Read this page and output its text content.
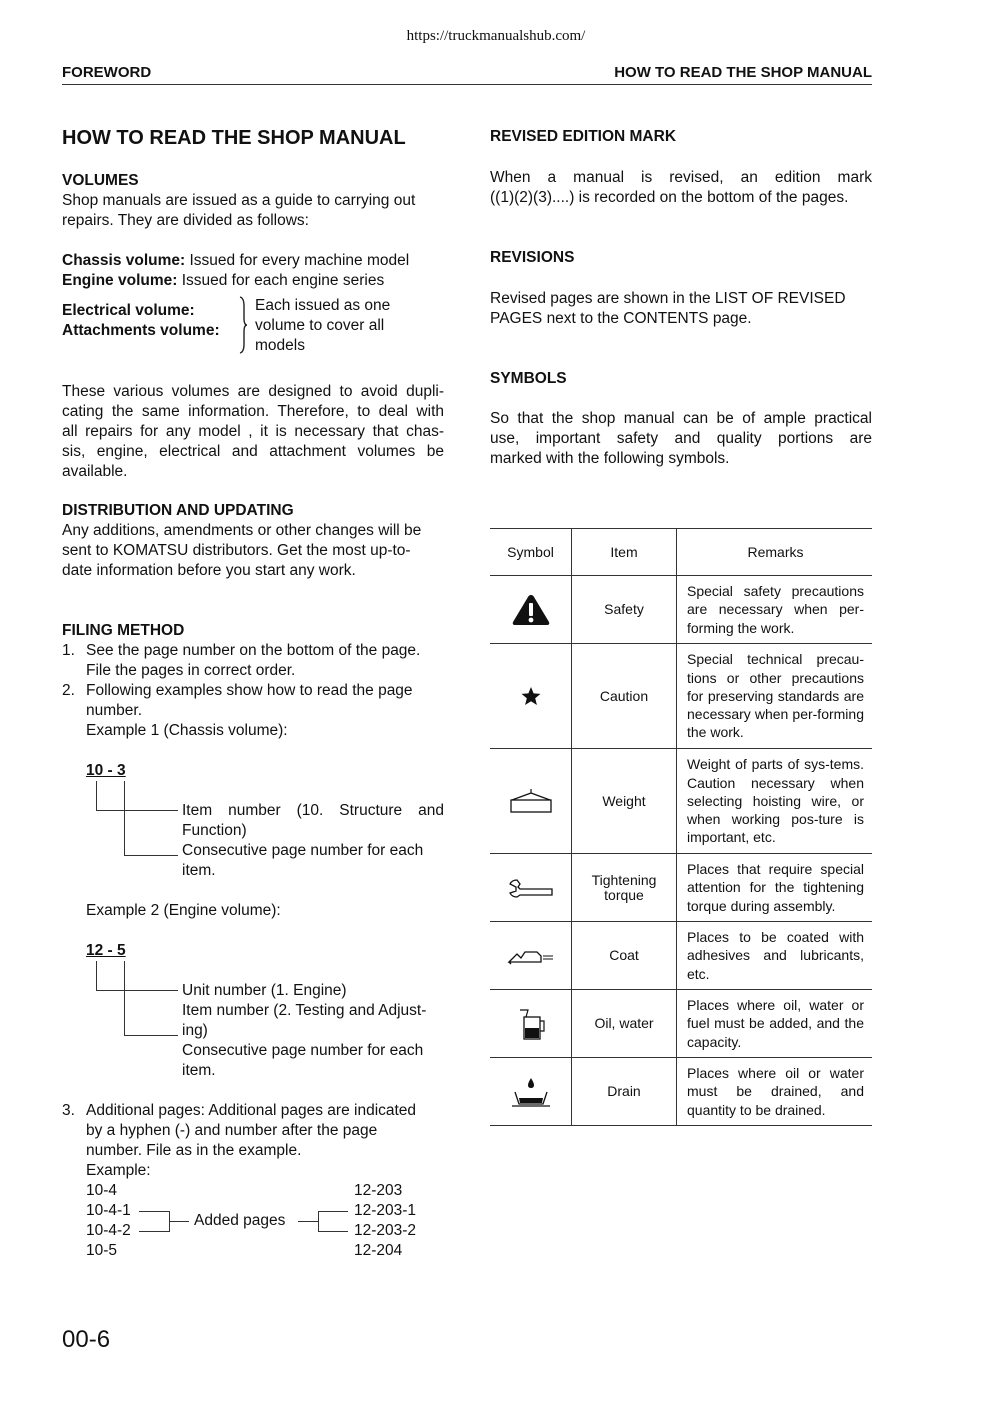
https://truckmanualshub.com/
FOREWORD	HOW TO READ THE SHOP MANUAL
HOW TO READ THE SHOP MANUAL
VOLUMES
Shop manuals are issued as a guide to carrying out
repairs. They are divided as follows:
Chassis volume: Issued for every machine model
Engine volume: Issued for each engine series
Electrical volume:
Attachments volume:
Each issued as one
volume to cover all
models
These various volumes are designed to avoid dupli-
cating the same information. Therefore, to deal with
all repairs for any model , it is necessary that chas-
sis, engine, electrical and attachment volumes be
available.
DISTRIBUTION AND UPDATING
Any additions, amendments or other changes will be
sent to KOMATSU distributors. Get the most up-to-
date information before you start any work.
FILING METHOD
1. See the page number on the bottom of the page.
File the pages in correct order.
2. Following examples show how to read the page
number.
Example 1 (Chassis volume):
10 - 3
Item number (10. Structure and
Function)
Consecutive page number for each
item.
Example 2 (Engine volume):
12 - 5
Unit number (1. Engine)
Item number (2. Testing and Adjust-
ing)
Consecutive page number for each
item.
3. Additional pages: Additional pages are indicated
by a hyphen (-) and number after the page
number. File as in the example.
Example:
10-4
10-4-1
10-4-2
10-5
Added pages
12-203
12-203-1
12-203-2
12-204
REVISED EDITION MARK
When a manual is revised, an edition mark
((1)(2)(3)....) is recorded on the bottom of the pages.
REVISIONS
Revised pages are shown in the LIST OF REVISED
PAGES next to the CONTENTS page.
SYMBOLS
So that the shop manual can be of ample practical
use, important safety and quality portions are
marked with the following symbols.
Symbol	Item	Remarks

	Safety	Special safety precautions are necessary when per-forming the work.

	Caution	Special technical precau-tions or other precautions for preserving standards are necessary when per-forming the work.

	Weight	Weight of parts of sys-tems. Caution necessary when selecting hoisting wire, or when working pos-ture is important, etc.

	Tightening torque	Places that require special attention for the tightening torque during assembly.

	Coat	Places to be coated with adhesives and lubricants, etc.

	Oil, water	Places where oil, water or fuel must be added, and the capacity.

	Drain	Places where oil or water must be drained, and quantity to be drained.
00-6
